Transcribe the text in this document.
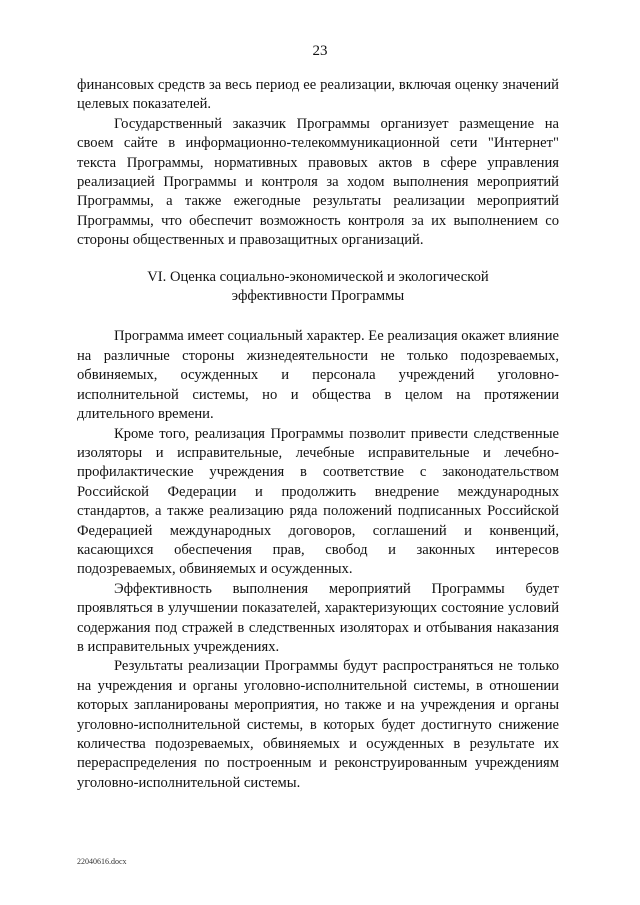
23

финансовых средств за весь период ее реализации, включая оценку значений целевых показателей.

Государственный заказчик Программы организует размещение на своем сайте в информационно-телекоммуникационной сети "Интернет" текста Программы, нормативных правовых актов в сфере управления реализацией Программы и контроля за ходом выполнения мероприятий Программы, а также ежегодные результаты реализации мероприятий Программы, что обеспечит возможность контроля за их выполнением со стороны общественных и правозащитных организаций.

VI. Оценка социально-экономической и экологической
эффективности Программы

Программа имеет социальный характер. Ее реализация окажет влияние на различные стороны жизнедеятельности не только подозреваемых, обвиняемых, осужденных и персонала учреждений уголовно-исполнительной системы, но и общества в целом на протяжении длительного времени.

Кроме того, реализация Программы позволит привести следственные изоляторы и исправительные, лечебные исправительные и лечебно-профилактические учреждения в соответствие с законодательством Российской Федерации и продолжить внедрение международных стандартов, а также реализацию ряда положений подписанных Российской Федерацией международных договоров, соглашений и конвенций, касающихся обеспечения прав, свобод и законных интересов подозреваемых, обвиняемых и осужденных.

Эффективность выполнения мероприятий Программы будет проявляться в улучшении показателей, характеризующих состояние условий содержания под стражей в следственных изоляторах и отбывания наказания в исправительных учреждениях.

Результаты реализации Программы будут распространяться не только на учреждения и органы уголовно-исполнительной системы, в отношении которых запланированы мероприятия, но также и на учреждения и органы уголовно-исполнительной системы, в которых будет достигнуто снижение количества подозреваемых, обвиняемых и осужденных в результате их перераспределения по построенным и реконструированным учреждениям уголовно-исполнительной системы.

22040616.docx
